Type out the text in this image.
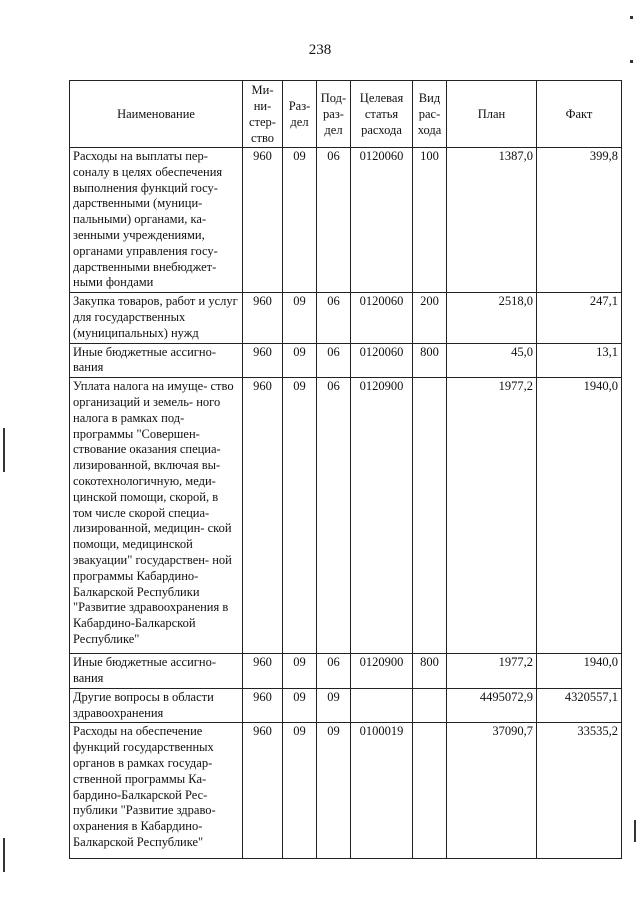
238
Наименование	Ми- ни- стер- ство	Раз- дел	Под- раз- дел	Целевая статья расхода	Вид рас- хода	План	Факт
Расходы на выплаты пер- соналу в целях обеспечения выполнения функций госу- дарственными (муници- пальными) органами, ка- зенными учреждениями, органами управления госу- дарственными внебюджет- ными фондами	960	09	06	0120060	100	1387,0	399,8
Закупка товаров, работ и услуг для государственных (муниципальных) нужд	960	09	06	0120060	200	2518,0	247,1
Иные бюджетные ассигно- вания	960	09	06	0120060	800	45,0	13,1
Уплата налога на имуще- ство организаций и земель- ного налога в рамках под- программы "Совершен- ствование оказания специа- лизированной, включая вы- сокотехнологичную, меди- цинской помощи, скорой, в том числе скорой специа- лизированной, медицин- ской помощи, медицинской эвакуации" государствен- ной программы Кабардино- Балкарской Республики "Развитие здравоохранения в Кабардино-Балкарской Республике"	960	09	06	0120900		1977,2	1940,0
Иные бюджетные ассигно- вания	960	09	06	0120900	800	1977,2	1940,0
Другие вопросы в области здравоохранения	960	09	09			4495072,9	4320557,1
Расходы на обеспечение функций государственных органов в рамках государ- ственной программы Ка- бардино-Балкарской Рес- публики "Развитие здраво- охранения в Кабардино- Балкарской Республике"	960	09	09	0100019		37090,7	33535,2
